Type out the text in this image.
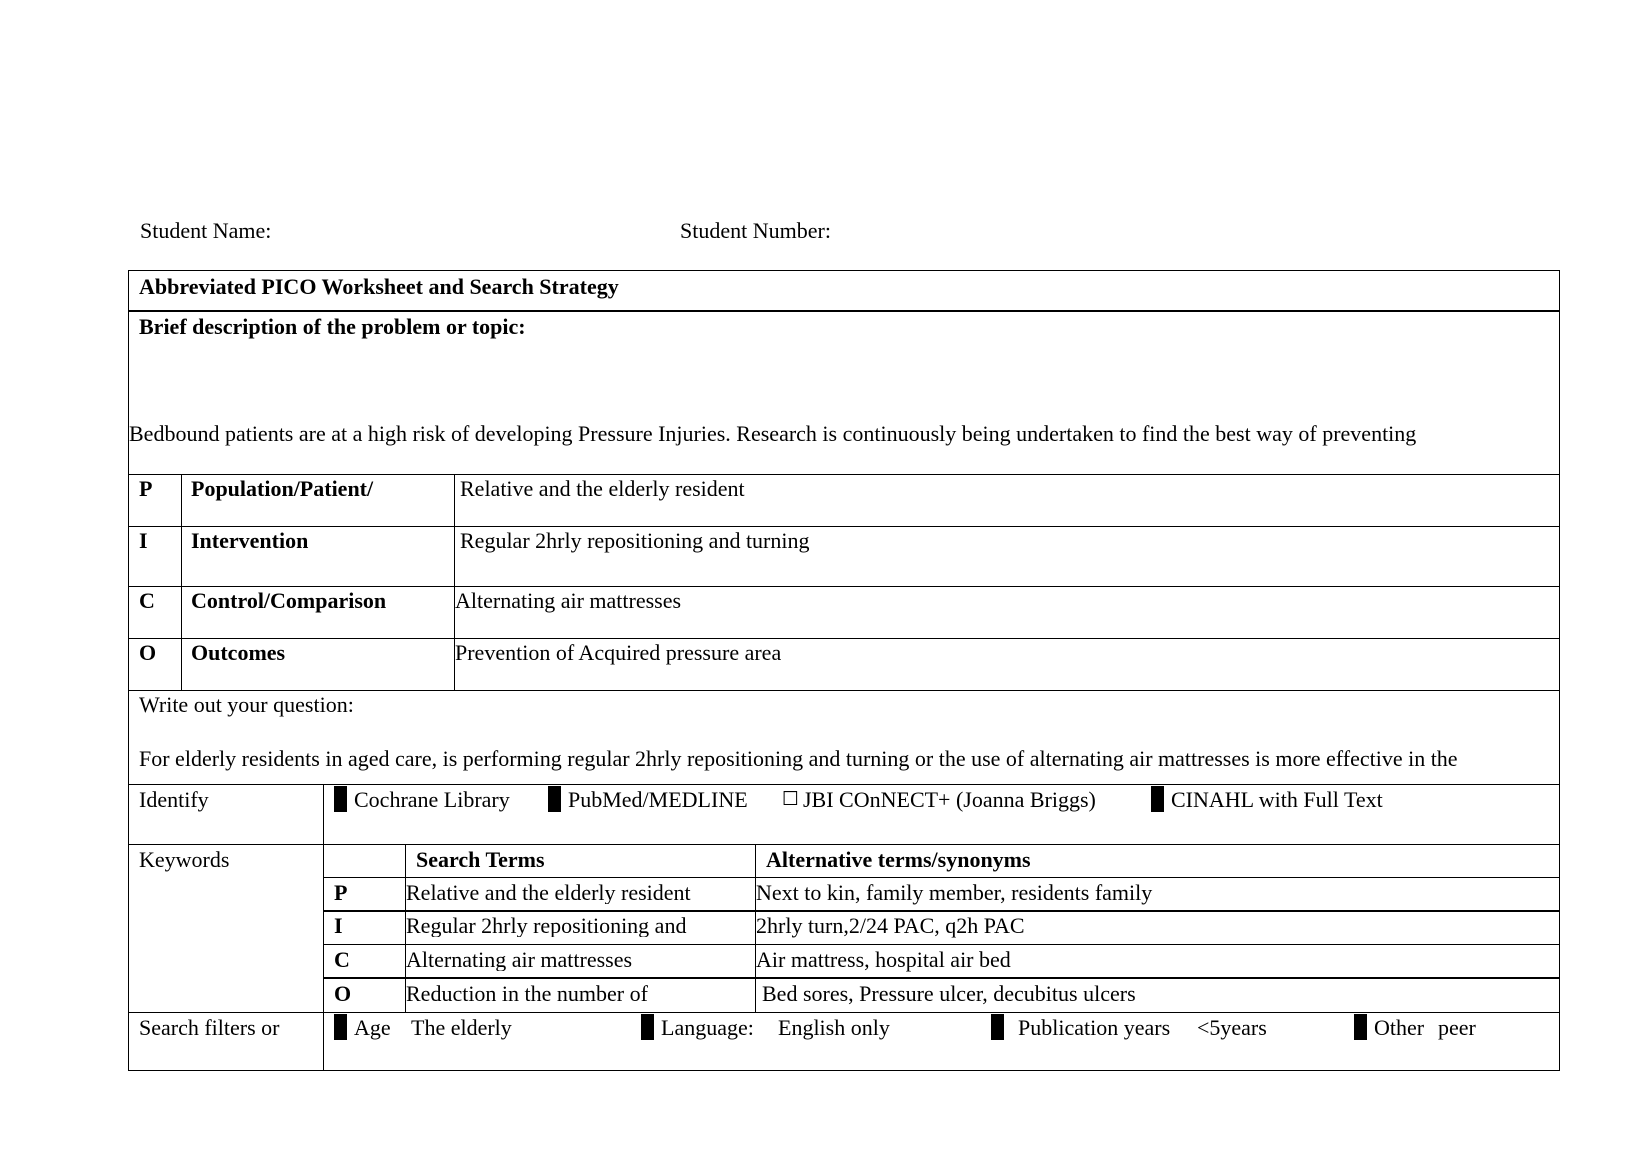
Student Name:	Student Number:
Abbreviated PICO Worksheet and Search Strategy
Brief description of the problem or topic:
Bedbound patients are at a high risk of developing Pressure Injuries. Research is continuously being undertaken to find the best way of preventing
P Population/Patient/	Relative and the elderly resident
I Intervention	Regular 2hrly repositioning and turning
C Control/Comparison	Alternating air mattresses
O Outcomes	Prevention of Acquired pressure area
Write out your question:
For elderly residents in aged care, is performing regular 2hrly repositioning and turning or the use of alternating air mattresses is more effective in the
Identify	Cochrane Library	PubMed/MEDLINE ☐ JBI COnNECT+ (Joanna Briggs)	CINAHL with Full Text
Keywords	Search Terms	Alternative terms/synonyms
P	Relative and the elderly resident	Next to kin, family member, residents family
I	Regular 2hrly repositioning and	2hrly turn,2/24 PAC, q2h PAC
C	Alternating air mattresses	Air mattress, hospital air bed
O Reduction in the number of	Bed sores, Pressure ulcer, decubitus ulcers
Search filters or	Age The elderly	Language: English only	Publication years <5years	Other peer
